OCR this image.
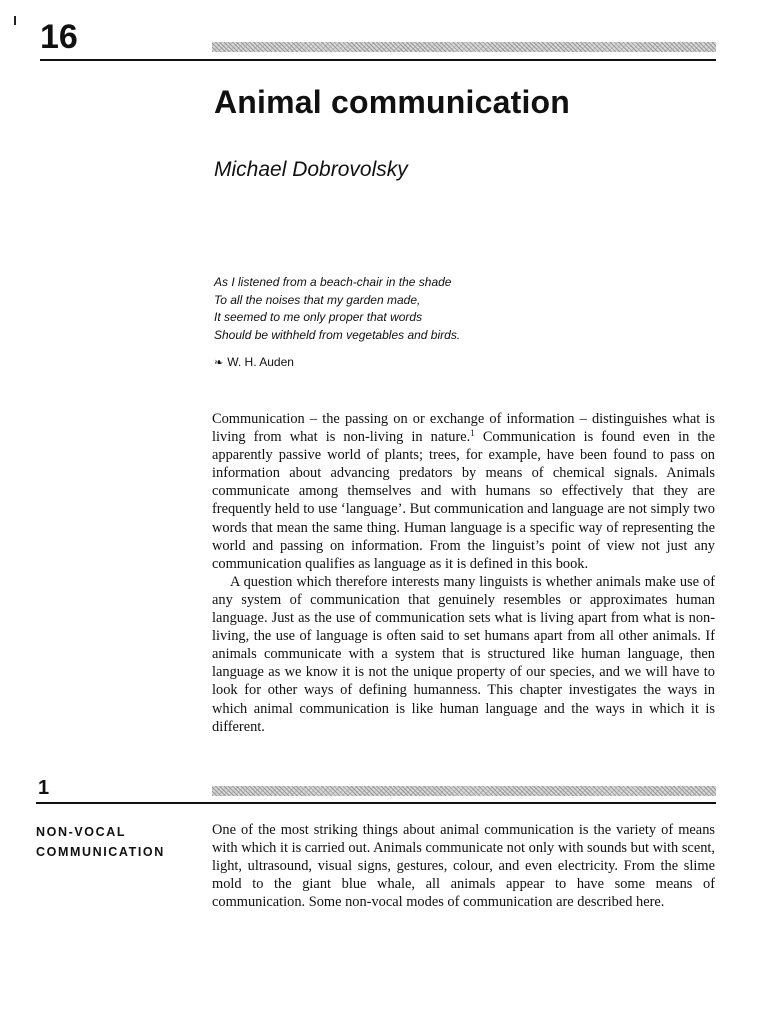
16
Animal communication
Michael Dobrovolsky
As I listened from a beach-chair in the shade
To all the noises that my garden made,
It seemed to me only proper that words
Should be withheld from vegetables and birds.
❧ W. H. Auden

Communication – the passing on or exchange of information – distinguishes what is living from what is non-living in nature.$^1$ Communication is found even in the apparently passive world of plants; trees, for example, have been found to pass on information about advancing predators by means of chemical signals. Animals communicate among themselves and with humans so effectively that they are frequently held to use ‘language’. But communication and language are not simply two words that mean the same thing. Human language is a specific way of representing the world and passing on information. From the linguist’s point of view not just any communication qualifies as language as it is defined in this book.

A question which therefore interests many linguists is whether animals make use of any system of communication that genuinely resembles or approximates human language. Just as the use of communication sets what is living apart from what is non-living, the use of language is often said to set humans apart from all other animals. If animals communicate with a system that is structured like human language, then language as we know it is not the unique property of our species, and we will have to look for other ways of defining humanness. This chapter investigates the ways in which animal communication is like human language and the ways in which it is different.

1
NON-VOCAL
COMMUNICATION

One of the most striking things about animal communication is the variety of means with which it is carried out. Animals communicate not only with sounds but with scent, light, ultrasound, visual signs, gestures, colour, and even electricity. From the slime mold to the giant blue whale, all animals appear to have some means of communication. Some non-vocal modes of communication are described here.
